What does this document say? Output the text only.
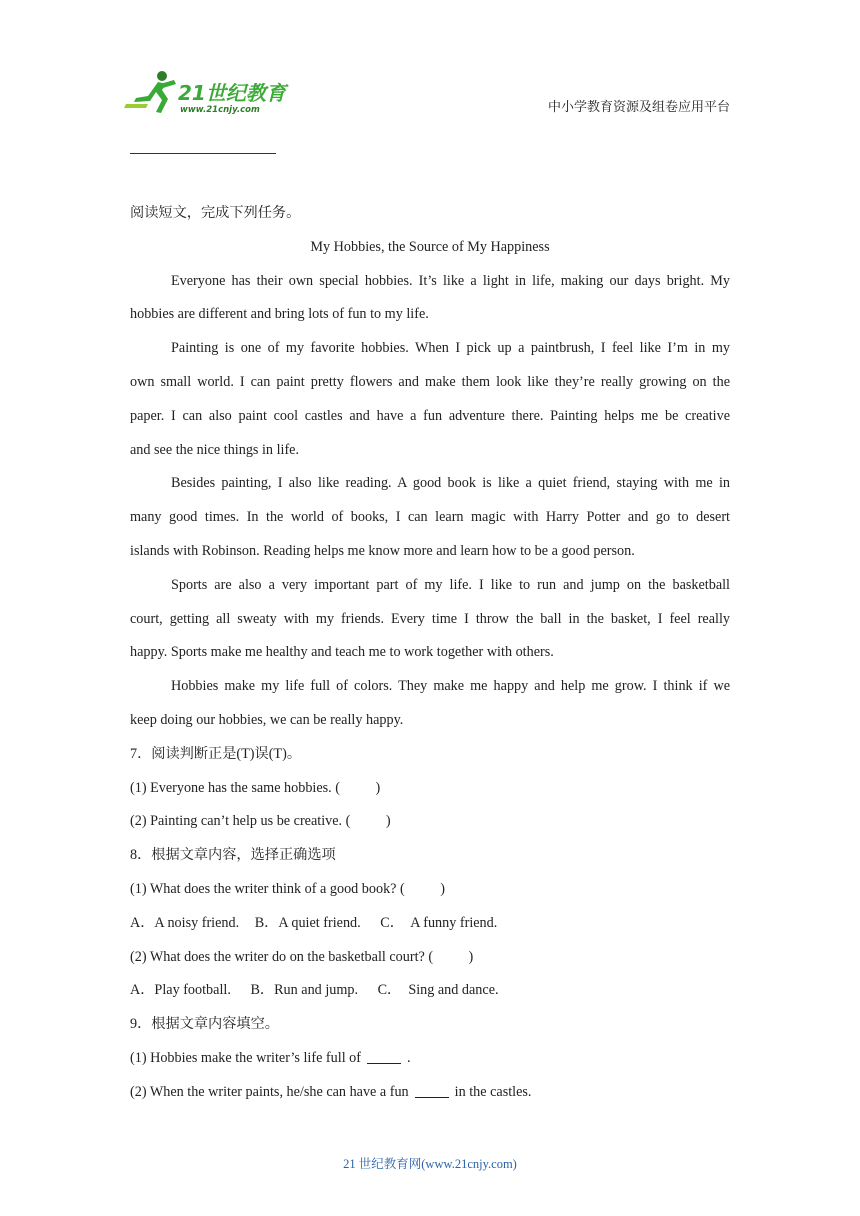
21世纪教育
www.21cnjy.com	中小学教育资源及组卷应用平台
阅读短文，完成下列任务。
My Hobbies, the Source of My Happiness
Everyone has their own special hobbies. It’s like a light in life, making our days bright. My
hobbies are different and bring lots of fun to my life.
Painting is one of my favorite hobbies. When I pick up a paintbrush, I feel like I’m in my
own small world. I can paint pretty flowers and make them look like they’re really growing on the
paper. I can also paint cool castles and have a fun adventure there. Painting helps me be creative
and see the nice things in life.
Besides painting, I also like reading. A good book is like a quiet friend, staying with me in
many good times. In the world of books, I can learn magic with Harry Potter and go to desert
islands with Robinson. Reading helps me know more and learn how to be a good person.
Sports are also a very important part of my life. I like to run and jump on the basketball
court, getting all sweaty with my friends. Every time I throw the ball in the basket, I feel really
happy. Sports make me healthy and teach me to work together with others.
Hobbies make my life full of colors. They make me happy and help me grow. I think if we
keep doing our hobbies, we can be really happy.
7．阅读判断正是(T)误(T)。
(1) Everyone has the same hobbies. (          )
(2) Painting can’t help us be creative. (          )
8．根据文章内容，选择正确选项
(1) What does the writer think of a good book? (          )
A．A noisy friend. B．A quiet friend. C．  A funny friend.
(2) What does the writer do on the basketball court? (          )
A．Play football. B．Run and jump. C．  Sing and dance.
9．根据文章内容填空。
(1) Hobbies make the writer’s life full of	.
(2) When the writer paints, he/she can have a fun	in the castles.
21 世纪教育网(www.21cnjy.com)
